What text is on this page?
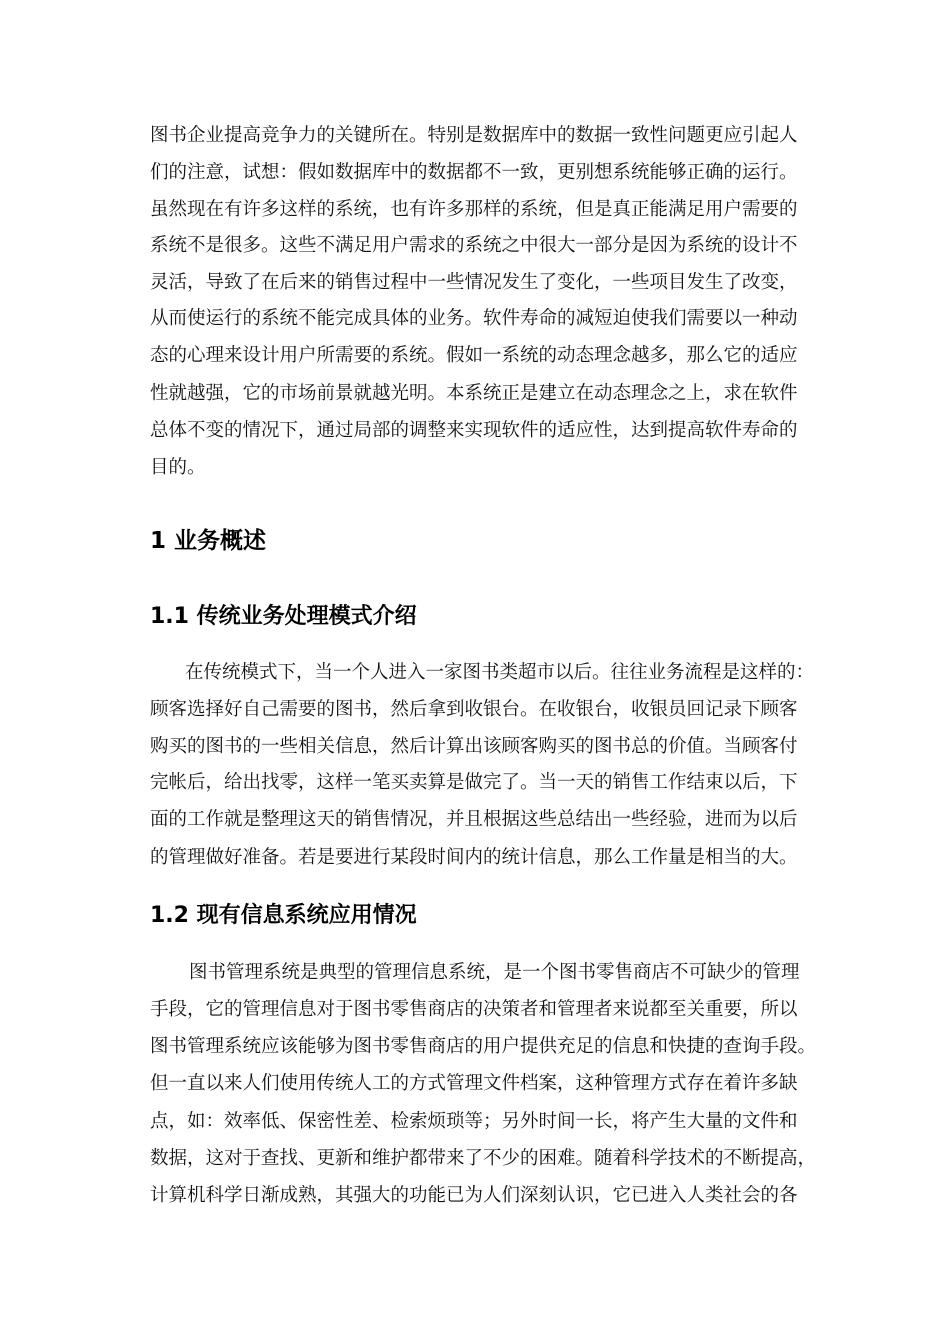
图书企业提高竞争力的关键所在。特别是数据库中的数据一致性问题更应引起人
们的注意，试想：假如数据库中的数据都不一致，更别想系统能够正确的运行。
虽然现在有许多这样的系统，也有许多那样的系统，但是真正能满足用户需要的
系统不是很多。这些不满足用户需求的系统之中很大一部分是因为系统的设计不
灵活，导致了在后来的销售过程中一些情况发生了变化，一些项目发生了改变，
从而使运行的系统不能完成具体的业务。软件寿命的减短迫使我们需要以一种动
态的心理来设计用户所需要的系统。假如一系统的动态理念越多，那么它的适应
性就越强，它的市场前景就越光明。本系统正是建立在动态理念之上，求在软件
总体不变的情况下，通过局部的调整来实现软件的适应性，达到提高软件寿命的
目的。
1 业务概述
1.1 传统业务处理模式介绍
在传统模式下，当一个人进入一家图书类超市以后。往往业务流程是这样的：
顾客选择好自己需要的图书，然后拿到收银台。在收银台，收银员回记录下顾客
购买的图书的一些相关信息，然后计算出该顾客购买的图书总的价值。当顾客付
完帐后，给出找零，这样一笔买卖算是做完了。当一天的销售工作结束以后，下
面的工作就是整理这天的销售情况，并且根据这些总结出一些经验，进而为以后
的管理做好准备。若是要进行某段时间内的统计信息，那么工作量是相当的大。
1.2 现有信息系统应用情况
图书管理系统是典型的管理信息系统，是一个图书零售商店不可缺少的管理
手段，它的管理信息对于图书零售商店的决策者和管理者来说都至关重要，所以
图书管理系统应该能够为图书零售商店的用户提供充足的信息和快捷的查询手段。
但一直以来人们使用传统人工的方式管理文件档案，这种管理方式存在着许多缺
点，如：效率低、保密性差、检索烦琐等；另外时间一长，将产生大量的文件和
数据，这对于查找、更新和维护都带来了不少的困难。随着科学技术的不断提高，
计算机科学日渐成熟，其强大的功能已为人们深刻认识，它已进入人类社会的各
